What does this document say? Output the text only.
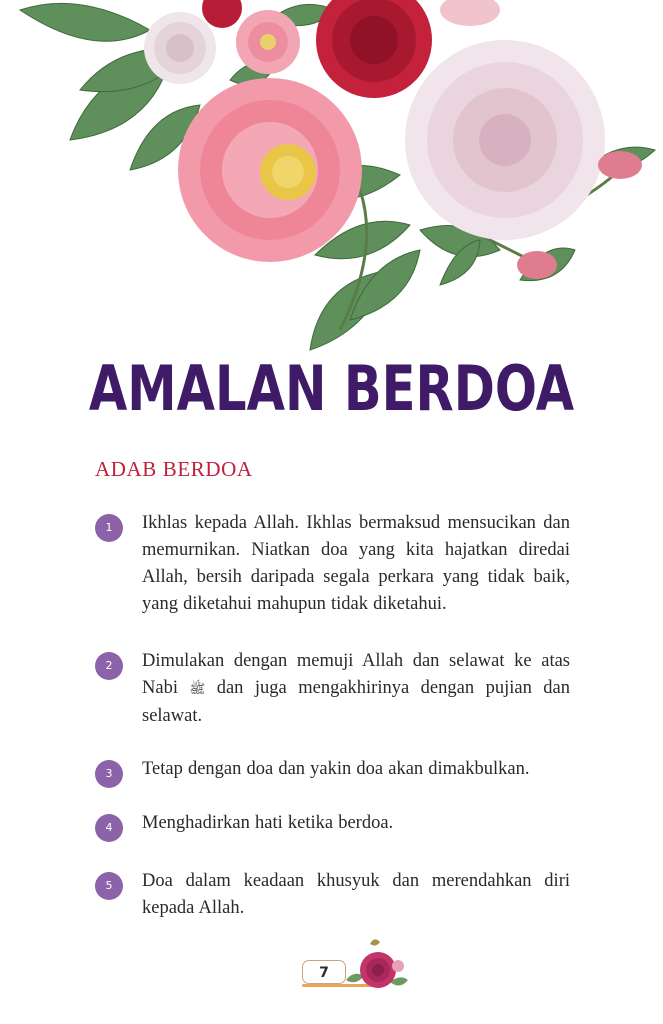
AMALAN BERDOA
ADAB BERDOA
1	Ikhlas kepada Allah. Ikhlas bermaksud mensucikan dan memurnikan. Niatkan doa yang kita hajatkan diredai Allah, bersih daripada segala perkara yang tidak baik, yang diketahui mahupun tidak diketahui.

2	Dimulakan dengan memuji Allah dan selawat ke atas Nabi ﷺ dan juga mengakhirinya dengan pujian dan selawat.

3	Tetap dengan doa dan yakin doa akan dimakbulkan.

4	Menghadirkan hati ketika berdoa.

5	Doa dalam keadaan khusyuk dan merendahkan diri kepada Allah.

7
